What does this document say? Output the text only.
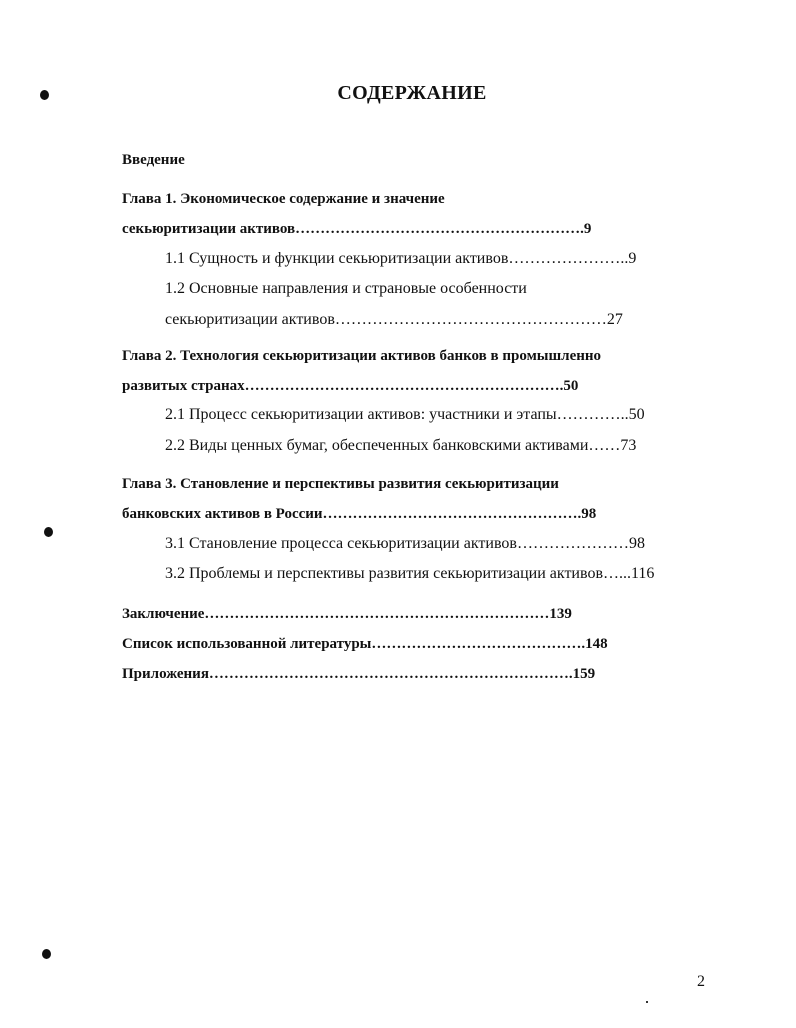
СОДЕРЖАНИЕ
Введение
Глава 1. Экономическое содержание и значение
секьюритизации активов………………………………………………….9
1.1 Сущность и функции секьюритизации активов…………………..9
1.2 Основные направления и страновые особенности
секьюритизации активов……………………………………………27
Глава 2. Технология секьюритизации активов банков в промышленно
развитых странах……………………………………………………….50
2.1 Процесс секьюритизации активов: участники и этапы…………..50
2.2 Виды ценных бумаг, обеспеченных банковскими активами……73
Глава 3. Становление и перспективы развития секьюритизации
банковских активов в России…………………………………………….98
3.1 Становление процесса секьюритизации активов…………………98
3.2 Проблемы и перспективы развития секьюритизации активов…...116
Заключение……………………………………………………………139
Список использованной литературы…………………………………….148
Приложения……………………………………………………………….159
2
